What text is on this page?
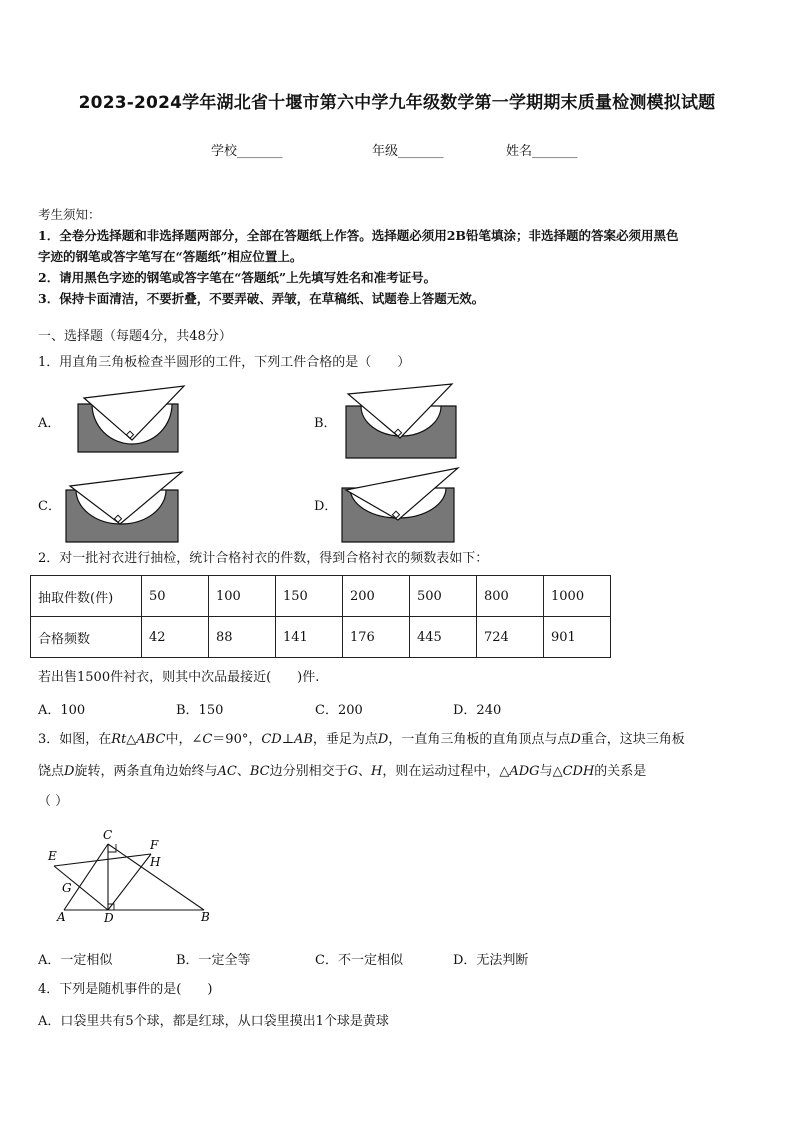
2023-2024学年湖北省十堰市第六中学九年级数学第一学期期末质量检测模拟试题
学校_______	年级_______	姓名_______
考生须知：
1．全卷分选择题和非选择题两部分，全部在答题纸上作答。选择题必须用2B铅笔填涂；非选择题的答案必须用黑色
字迹的钢笔或答字笔写在“答题纸”相应位置上。
2．请用黑色字迹的钢笔或答字笔在“答题纸”上先填写姓名和准考证号。
3．保持卡面清洁，不要折叠，不要弄破、弄皱，在草稿纸、试题卷上答题无效。
一、选择题（每题4分，共48分）
1．用直角三角板检查半圆形的工件，下列工件合格的是（　　）
A．	B．
C．	D．
2．对一批衬衣进行抽检，统计合格衬衣的件数，得到合格衬衣的频数表如下：
抽取件数(件)	50	100	150	200	500	800	1000
合格频数	42	88	141	176	445	724	901
若出售1500件衬衣，则其中次品最接近(　　)件.
A．100	B．150	C．200	D．240
3．如图，在Rt△ABC中，∠C＝90°，CD⊥AB，垂足为点D，一直角三角板的直角顶点与点D重合，这块三角板
饶点D旋转，两条直角边始终与AC、BC边分别相交于G、H，则在运动过程中，△ADG与△CDH的关系是
（ ）
C
F
E	H
G
A	D	B
A．一定相似	B．一定全等	C．不一定相似	D．无法判断
4．下列是随机事件的是(　　)
A．口袋里共有5个球，都是红球，从口袋里摸出1个球是黄球
